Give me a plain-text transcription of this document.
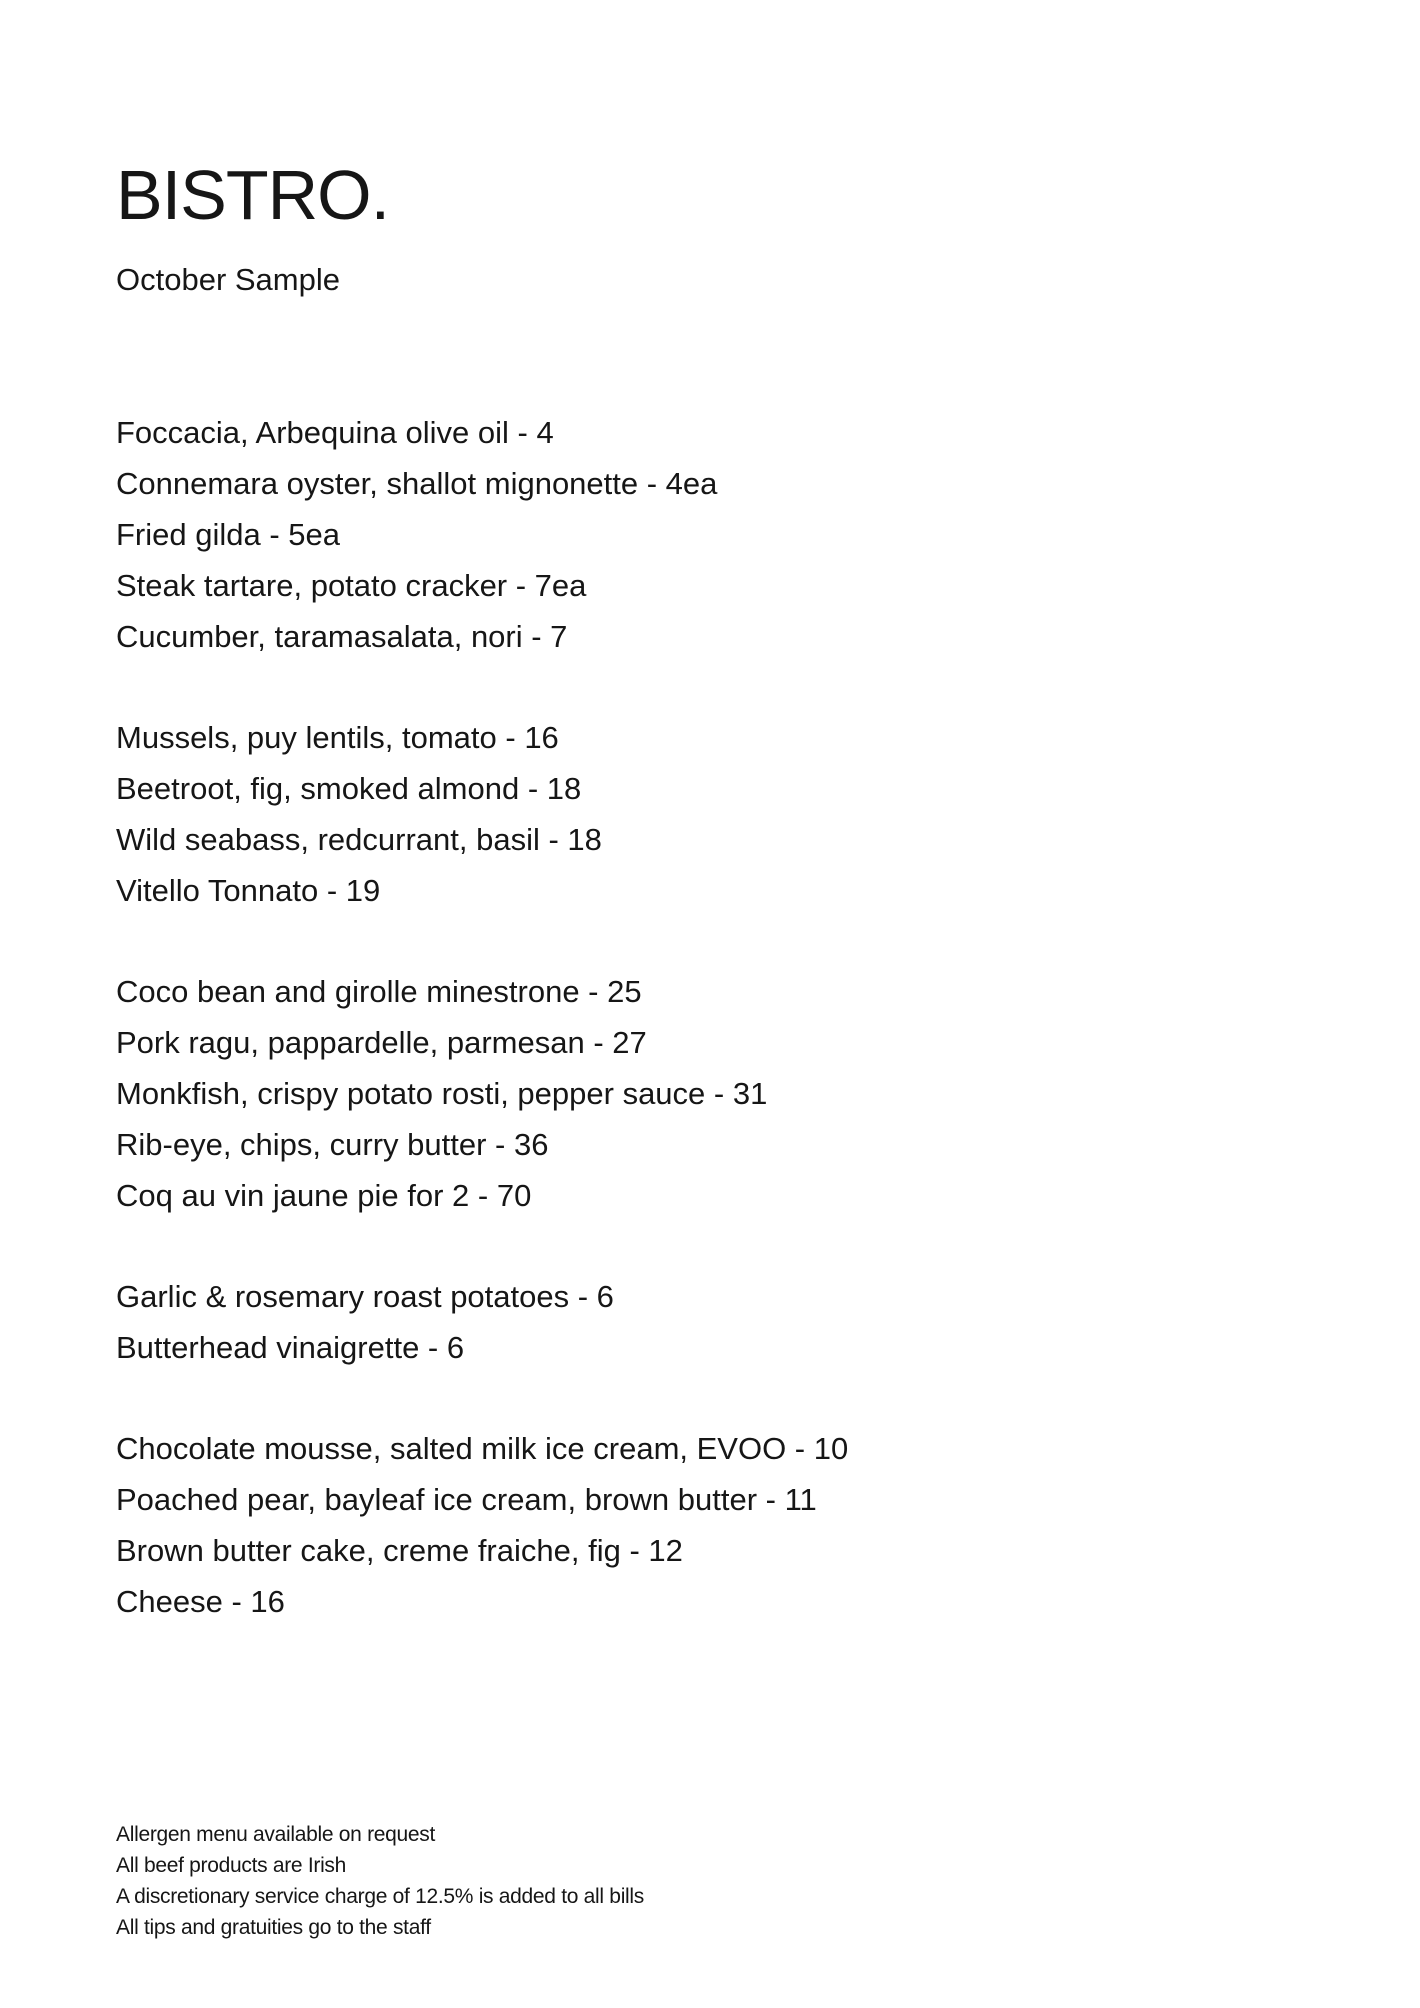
BISTRO.
October Sample
Foccacia, Arbequina olive oil - 4
Connemara oyster, shallot mignonette - 4ea
Fried gilda - 5ea
Steak tartare, potato cracker - 7ea
Cucumber, taramasalata, nori - 7
Mussels, puy lentils, tomato - 16
Beetroot, fig, smoked almond - 18
Wild seabass, redcurrant, basil - 18
Vitello Tonnato - 19
Coco bean and girolle minestrone - 25
Pork ragu, pappardelle, parmesan - 27
Monkfish, crispy potato rosti, pepper sauce - 31
Rib-eye, chips, curry butter - 36
Coq au vin jaune pie for 2 - 70
Garlic & rosemary roast potatoes - 6
Butterhead vinaigrette - 6
Chocolate mousse, salted milk ice cream, EVOO - 10
Poached pear, bayleaf ice cream, brown butter - 11
Brown butter cake, creme fraiche, fig - 12
Cheese - 16
Allergen menu available on request
All beef products are Irish
A discretionary service charge of 12.5% is added to all bills
All tips and gratuities go to the staff
